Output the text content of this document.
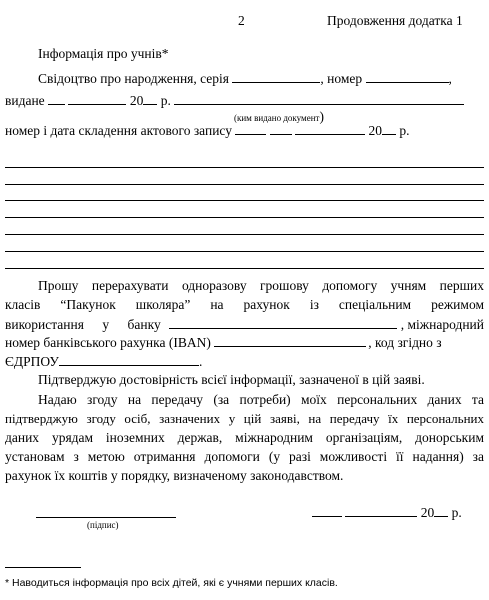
2	Продовження додатка 1
Інформація про учнів*
Свідоцтво про народження, серія	, номер	,
видане	20 р.
(ким видано документ)
номер і дата складення актового запису	20 р.
Прошу перерахувати одноразову грошову допомогу учням перших
класів “Пакунок школяра” на рахунок із спеціальним режимом
використання у банку	, міжнародний
номер банківського рахунка (IBAN)	, код згідно з
ЄДРПОУ	.
Підтверджую достовірність всієї інформації, зазначеної в цій заяві.
Надаю згоду на передачу (за потреби) моїх персональних даних та
підтверджую згоду осіб, зазначених у цій заяві, на передачу їх персональних
даних урядам іноземних держав, міжнародним організаціям, донорським
установам з метою отримання допомоги (у разі можливості її надання) за
рахунок їх коштів у порядку, визначеному законодавством.
(підпис)
20 р.
* Наводиться інформація про всіх дітей, які є учнями перших класів.
